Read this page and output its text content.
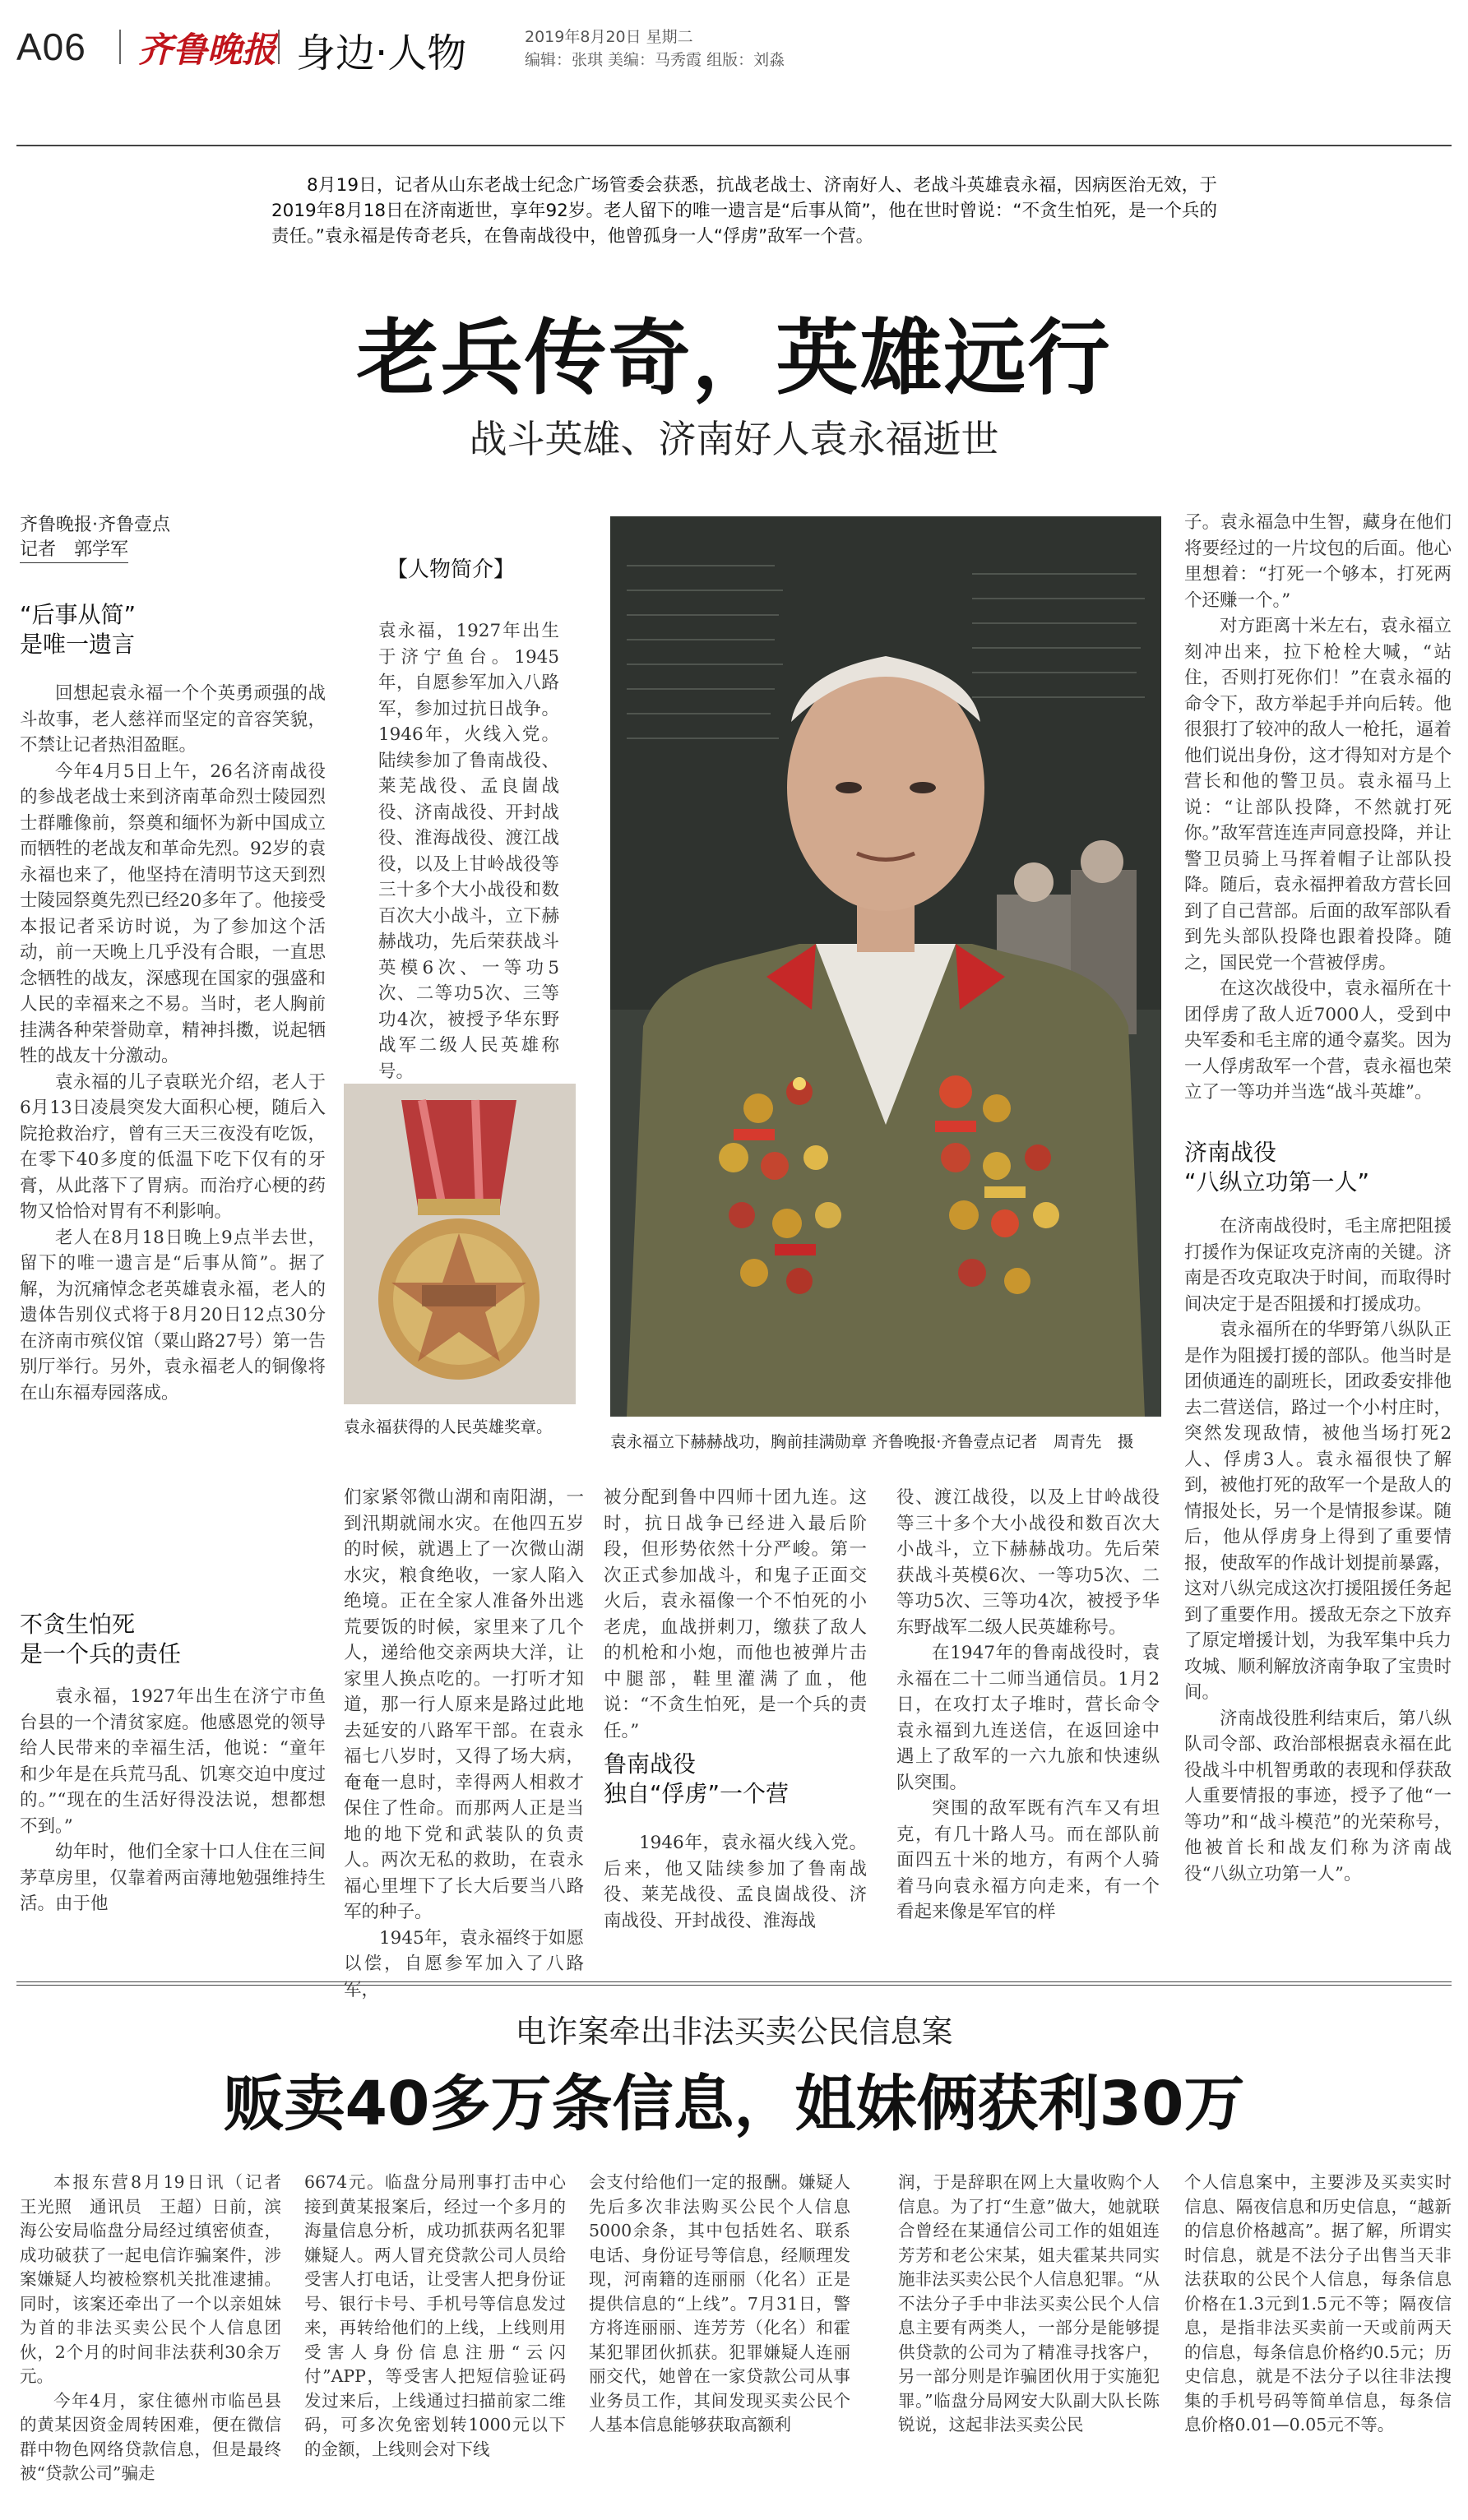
A06 齐鲁晚报 身边·人物	2019年8月20日 星期二
编辑：张琪 美编：马秀霞 组版：刘淼
8月19日，记者从山东老战士纪念广场管委会获悉，抗战老战士、济南好人、老战斗英雄袁永福，因病医治无效，于2019年8月18日在济南逝世，享年92岁。老人留下的唯一遗言是“后事从简”，他在世时曾说：“不贪生怕死，是一个兵的责任。”袁永福是传奇老兵，在鲁南战役中，他曾孤身一人“俘虏”敌军一个营。
老兵传奇，英雄远行
战斗英雄、济南好人袁永福逝世
齐鲁晚报·齐鲁壹点
记者　郭学军
“后事从简”
是唯一遗言

回想起袁永福一个个英勇顽强的战斗故事，老人慈祥而坚定的音容笑貌，不禁让记者热泪盈眶。

今年4月5日上午，26名济南战役的参战老战士来到济南革命烈士陵园烈士群雕像前，祭奠和缅怀为新中国成立而牺牲的老战友和革命先烈。92岁的袁永福也来了，他坚持在清明节这天到烈士陵园祭奠先烈已经20多年了。他接受本报记者采访时说，为了参加这个活动，前一天晚上几乎没有合眼，一直思念牺牲的战友，深感现在国家的强盛和人民的幸福来之不易。当时，老人胸前挂满各种荣誉勋章，精神抖擞，说起牺牲的战友十分激动。

袁永福的儿子袁联光介绍，老人于6月13日凌晨突发大面积心梗，随后入院抢救治疗，曾有三天三夜没有吃饭，在零下40多度的低温下吃下仅有的牙膏，从此落下了胃病。而治疗心梗的药物又恰恰对胃有不利影响。

老人在8月18日晚上9点半去世，留下的唯一遗言是“后事从简”。据了解，为沉痛悼念老英雄袁永福，老人的遗体告别仪式将于8月20日12点30分在济南市殡仪馆（粟山路27号）第一告别厅举行。另外，袁永福老人的铜像将在山东福寿园落成。

不贪生怕死
是一个兵的责任

袁永福，1927年出生在济宁市鱼台县的一个清贫家庭。他感恩党的领导给人民带来的幸福生活，他说：“童年和少年是在兵荒马乱、饥寒交迫中度过的。”“现在的生活好得没法说，想都想不到。”

幼年时，他们全家十口人住在三间茅草房里，仅靠着两亩薄地勉强维持生活。由于他

【人物简介】
袁永福，1927年出生于济宁鱼台。1945年，自愿参军加入八路军，参加过抗日战争。1946年，火线入党。陆续参加了鲁南战役、莱芜战役、孟良崮战役、济南战役、开封战役、淮海战役、渡江战役，以及上甘岭战役等三十多个大小战役和数百次大小战斗，立下赫赫战功，先后荣获战斗英模6次、一等功5次、二等功5次、三等功4次，被授予华东野战军二级人民英雄称号。
袁永福获得的人民英雄奖章。
袁永福立下赫赫战功，胸前挂满勋章 齐鲁晚报·齐鲁壹点记者　周青先　摄

们家紧邻微山湖和南阳湖，一到汛期就闹水灾。在他四五岁的时候，就遇上了一次微山湖水灾，粮食绝收，一家人陷入绝境。正在全家人准备外出逃荒要饭的时候，家里来了几个人，递给他交亲两块大洋，让家里人换点吃的。一打听才知道，那一行人原来是路过此地去延安的八路军干部。在袁永福七八岁时，又得了场大病，奄奄一息时，幸得两人相救才保住了性命。而那两人正是当地的地下党和武装队的负责人。两次无私的救助，在袁永福心里埋下了长大后要当八路军的种子。

1945年，袁永福终于如愿以偿，自愿参军加入了八路军，

被分配到鲁中四师十团九连。这时，抗日战争已经进入最后阶段，但形势依然十分严峻。第一次正式参加战斗，和鬼子正面交火后，袁永福像一个不怕死的小老虎，血战拼刺刀，缴获了敌人的机枪和小炮，而他也被弹片击中腿部，鞋里灌满了血，他说：“不贪生怕死，是一个兵的责任。”

鲁南战役
独自“俘虏”一个营

1946年，袁永福火线入党。后来，他又陆续参加了鲁南战役、莱芜战役、孟良崮战役、济南战役、开封战役、淮海战

役、渡江战役，以及上甘岭战役等三十多个大小战役和数百次大小战斗，立下赫赫战功。先后荣获战斗英模6次、一等功5次、二等功5次、三等功4次，被授予华东野战军二级人民英雄称号。

在1947年的鲁南战役时，袁永福在二十二师当通信员。1月2日，在攻打太子堆时，营长命令袁永福到九连送信，在返回途中遇上了敌军的一六九旅和快速纵队突围。

突围的敌军既有汽车又有坦克，有几十路人马。而在部队前面四五十米的地方，有两个人骑着马向袁永福方向走来，有一个看起来像是军官的样

子。袁永福急中生智，藏身在他们将要经过的一片坟包的后面。他心里想着：“打死一个够本，打死两个还赚一个。”

对方距离十米左右，袁永福立刻冲出来，拉下枪栓大喊，“站住，否则打死你们！”在袁永福的命令下，敌方举起手并向后转。他很狠打了较冲的敌人一枪托，逼着他们说出身份，这才得知对方是个营长和他的警卫员。袁永福马上说：“让部队投降，不然就打死你。”敌军营连连声同意投降，并让警卫员骑上马挥着帽子让部队投降。随后，袁永福押着敌方营长回到了自己营部。后面的敌军部队看到先头部队投降也跟着投降。随之，国民党一个营被俘虏。

在这次战役中，袁永福所在十团俘虏了敌人近7000人，受到中央军委和毛主席的通令嘉奖。因为一人俘虏敌军一个营，袁永福也荣立了一等功并当选“战斗英雄”。

济南战役
“八纵立功第一人”

在济南战役时，毛主席把阻援打援作为保证攻克济南的关键。济南是否攻克取决于时间，而取得时间决定于是否阻援和打援成功。

袁永福所在的华野第八纵队正是作为阻援打援的部队。他当时是团侦通连的副班长，团政委安排他去二营送信，路过一个小村庄时，突然发现敌情，被他当场打死2人、俘虏3人。袁永福很快了解到，被他打死的敌军一个是敌人的情报处长，另一个是情报参谋。随后，他从俘虏身上得到了重要情报，使敌军的作战计划提前暴露，这对八纵完成这次打援阻援任务起到了重要作用。援敌无奈之下放弃了原定增援计划，为我军集中兵力攻城、顺利解放济南争取了宝贵时间。

济南战役胜利结束后，第八纵队司令部、政治部根据袁永福在此役战斗中机智勇敢的表现和俘获敌人重要情报的事迹，授予了他“一等功”和“战斗模范”的光荣称号，他被首长和战友们称为济南战役“八纵立功第一人”。

电诈案牵出非法买卖公民信息案
贩卖40多万条信息，姐妹俩获利30万

本报东营8月19日讯（记者　王光照　通讯员　王超）日前，滨海公安局临盘分局经过缜密侦查，成功破获了一起电信诈骗案件，涉案嫌疑人均被检察机关批准逮捕。同时，该案还牵出了一个以亲姐妹为首的非法买卖公民个人信息团伙，2个月的时间非法获利30余万元。

今年4月，家住德州市临邑县的黄某因资金周转困难，便在微信群中物色网络贷款信息，但是最终被“贷款公司”骗走

6674元。临盘分局刑事打击中心接到黄某报案后，经过一个多月的海量信息分析，成功抓获两名犯罪嫌疑人。两人冒充贷款公司人员给受害人打电话，让受害人把身份证号、银行卡号、手机号等信息发过来，再转给他们的上线，上线则用受害人身份信息注册“云闪付”APP，等受害人把短信验证码发过来后，上线通过扫描前家二维码，可多次免密划转1000元以下的金额，上线则会对下线

会支付给他们一定的报酬。嫌疑人先后多次非法购买公民个人信息5000余条，其中包括姓名、联系电话、身份证号等信息，经顺理发现，河南籍的连丽丽（化名）正是提供信息的“上线”。7月31日，警方将连丽丽、连芳芳（化名）和霍某犯罪团伙抓获。犯罪嫌疑人连丽丽交代，她曾在一家贷款公司从事业务员工作，其间发现买卖公民个人基本信息能够获取高额利

润，于是辞职在网上大量收购个人信息。为了打“生意”做大，她就联合曾经在某通信公司工作的姐姐连芳芳和老公宋某，姐夫霍某共同实施非法买卖公民个人信息犯罪。“从不法分子手中非法买卖公民个人信息主要有两类人，一部分是能够提供贷款的公司为了精准寻找客户，另一部分则是诈骗团伙用于实施犯罪。”临盘分局网安大队副大队长陈锐说，这起非法买卖公民

个人信息案中，主要涉及买卖实时信息、隔夜信息和历史信息，“越新的信息价格越高”。据了解，所谓实时信息，就是不法分子出售当天非法获取的公民个人信息，每条信息价格在1.3元到1.5元不等；隔夜信息，是指非法买卖前一天或前两天的信息，每条信息价格约0.5元；历史信息，就是不法分子以往非法搜集的手机号码等简单信息，每条信息价格0.01—0.05元不等。
